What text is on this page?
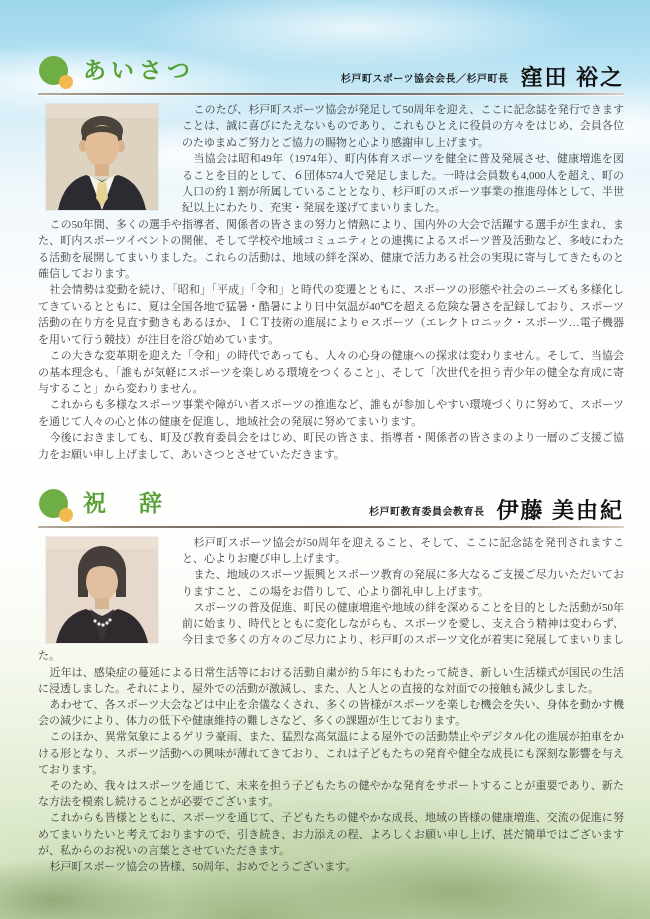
あいさつ	杉戸町スポーツ協会会長／杉戸町長 窪田 裕之

このたび、杉戸町スポーツ協会が発足して50周年を迎え、ここに記念誌を発行できますことは、誠に喜びにたえないものであり、これもひとえに役員の方々をはじめ、会員各位のたゆまぬご努力とご協力の賜物と心より感謝申し上げます。

当協会は昭和49年（1974年）、町内体育スポーツを健全に普及発展させ、健康増進を図ることを目的として、６団体574人で発足しました。一時は会員数も4,000人を超え、町の人口の約１割が所属していることとなり、杉戸町のスポーツ事業の推進母体として、半世紀以上にわたり、充実・発展を遂げてまいりました。

この50年間、多くの選手や指導者、関係者の皆さまの努力と情熱により、国内外の大会で活躍する選手が生まれ、また、町内スポーツイベントの開催、そして学校や地域コミュニティとの連携によるスポーツ普及活動など、多岐にわたる活動を展開してまいりました。これらの活動は、地域の絆を深め、健康で活力ある社会の実現に寄与してきたものと確信しております。

社会情勢は変動を続け、「昭和」「平成」「令和」と時代の変遷とともに、スポーツの形態や社会のニーズも多様化してきているとともに、夏は全国各地で猛暑・酷暑により日中気温が40℃を超える危険な暑さを記録しており、スポーツ活動の在り方を見直す動きもあるほか、ＩＣＴ技術の進展によりｅスポーツ（エレクトロニック・スポーツ…電子機器を用いて行う競技）が注目を浴び始めています。

この大きな変革期を迎えた「令和」の時代であっても、人々の心身の健康への探求は変わりません。そして、当協会の基本理念も、「誰もが気軽にスポーツを楽しめる環境をつくること」、そして「次世代を担う青少年の健全な育成に寄与すること」から変わりません。

これからも多様なスポーツ事業や障がい者スポーツの推進など、誰もが参加しやすい環境づくりに努めて、スポーツを通じて人々の心と体の健康を促進し、地域社会の発展に努めてまいります。

今後におきましても、町及び教育委員会をはじめ、町民の皆さま、指導者・関係者の皆さまのより一層のご支援ご協力をお願い申し上げまして、あいさつとさせていただきます。

祝　辞	杉戸町教育委員会教育長 伊藤 美由紀

杉戸町スポーツ協会が50周年を迎えること、そして、ここに記念誌を発刊されますこと、心よりお慶び申し上げます。

また、地域のスポーツ振興とスポーツ教育の発展に多大なるご支援ご尽力いただいておりますこと、この場をお借りして、心より御礼申し上げます。

スポーツの普及促進、町民の健康増進や地域の絆を深めることを目的とした活動が50年前に始まり、時代とともに変化しながらも、スポーツを愛し、支え合う精神は変わらず、今日まで多くの方々のご尽力により、杉戸町のスポーツ文化が着実に発展してまいりました。

近年は、感染症の蔓延による日常生活等における活動自粛が約５年にもわたって続き、新しい生活様式が国民の生活に浸透しました。それにより、屋外での活動が激減し、また、人と人との直接的な対面での接触も減少しました。

あわせて、各スポーツ大会などは中止を余儀なくされ、多くの皆様がスポーツを楽しむ機会を失い、身体を動かす機会の減少により、体力の低下や健康維持の難しさなど、多くの課題が生じております。

このほか、異常気象によるゲリラ豪雨、また、猛烈な高気温による屋外での活動禁止やデジタル化の進展が拍車をかける形となり、スポーツ活動への興味が薄れてきており、これは子どもたちの発育や健全な成長にも深刻な影響を与えております。

そのため、我々はスポーツを通じて、未来を担う子どもたちの健やかな発育をサポートすることが重要であり、新たな方法を模索し続けることが必要でございます。

これからも皆様とともに、スポーツを通じて、子どもたちの健やかな成長、地域の皆様の健康増進、交流の促進に努めてまいりたいと考えておりますので、引き続き、お力添えの程、よろしくお願い申し上げ、甚だ簡単ではございますが、私からのお祝いの言葉とさせていただきます。

杉戸町スポーツ協会の皆様、50周年、おめでとうございます。
